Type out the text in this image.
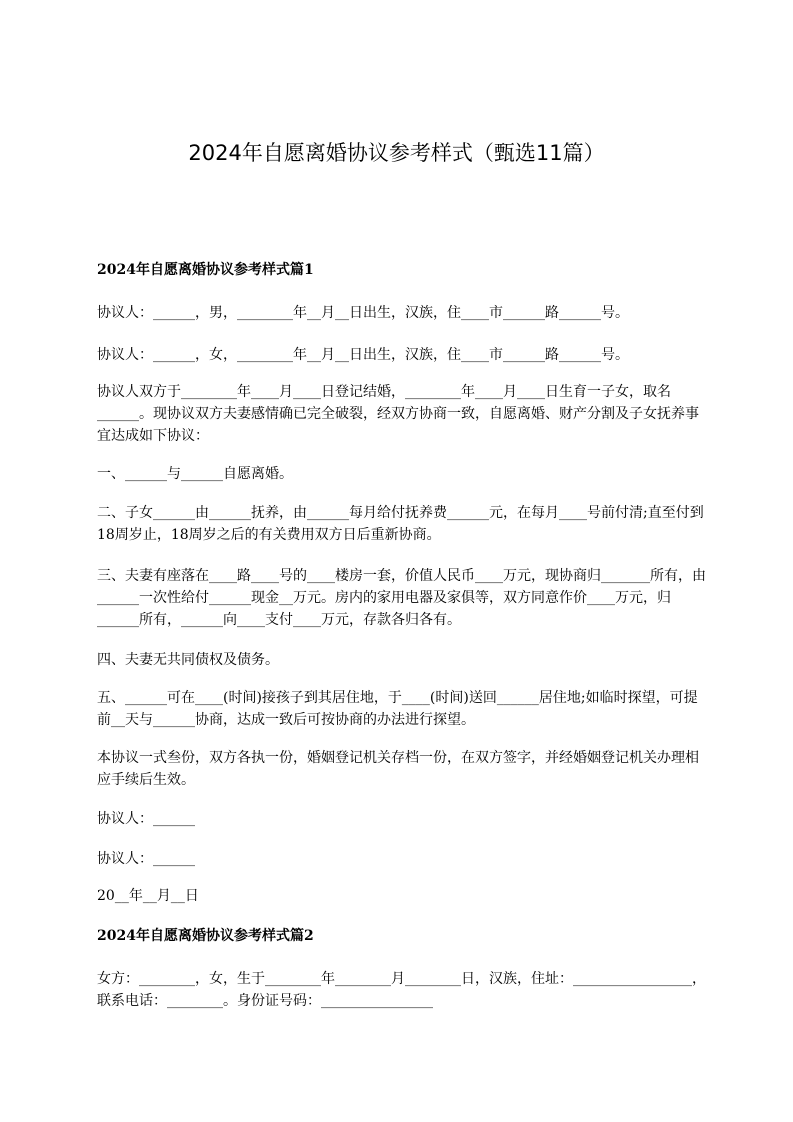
2024年自愿离婚协议参考样式（甄选11篇）
2024年自愿离婚协议参考样式篇1

协议人：______，男，________年__月__日出生，汉族，住____市______路______号。

协议人：______，女，________年__月__日出生，汉族，住____市______路______号。

协议人双方于________年____月____日登记结婚，________年____月____日生育一子女，取名______。现协议双方夫妻感情确已完全破裂，经双方协商一致，自愿离婚、财产分割及子女抚养事宜达成如下协议：

一、______与______自愿离婚。

二、子女______由______抚养，由______每月给付抚养费______元，在每月____号前付清;直至付到18周岁止，18周岁之后的有关费用双方日后重新协商。

三、夫妻有座落在____路____号的____楼房一套，价值人民币____万元，现协商归_______所有，由______一次性给付______现金__万元。房内的家用电器及家俱等，双方同意作价____万元，归______所有，______向____支付____万元，存款各归各有。

四、夫妻无共同债权及债务。

五、______可在____(时间)接孩子到其居住地，于____(时间)送回______居住地;如临时探望，可提前__天与______协商，达成一致后可按协商的办法进行探望。

本协议一式叁份，双方各执一份，婚姻登记机关存档一份，在双方签字，并经婚姻登记机关办理相应手续后生效。

协议人：______

协议人：______

20__年__月__日

2024年自愿离婚协议参考样式篇2

女方：________，女，生于________年________月________日，汉族，住址：_________________，联系电话：________。身份证号码：________________
